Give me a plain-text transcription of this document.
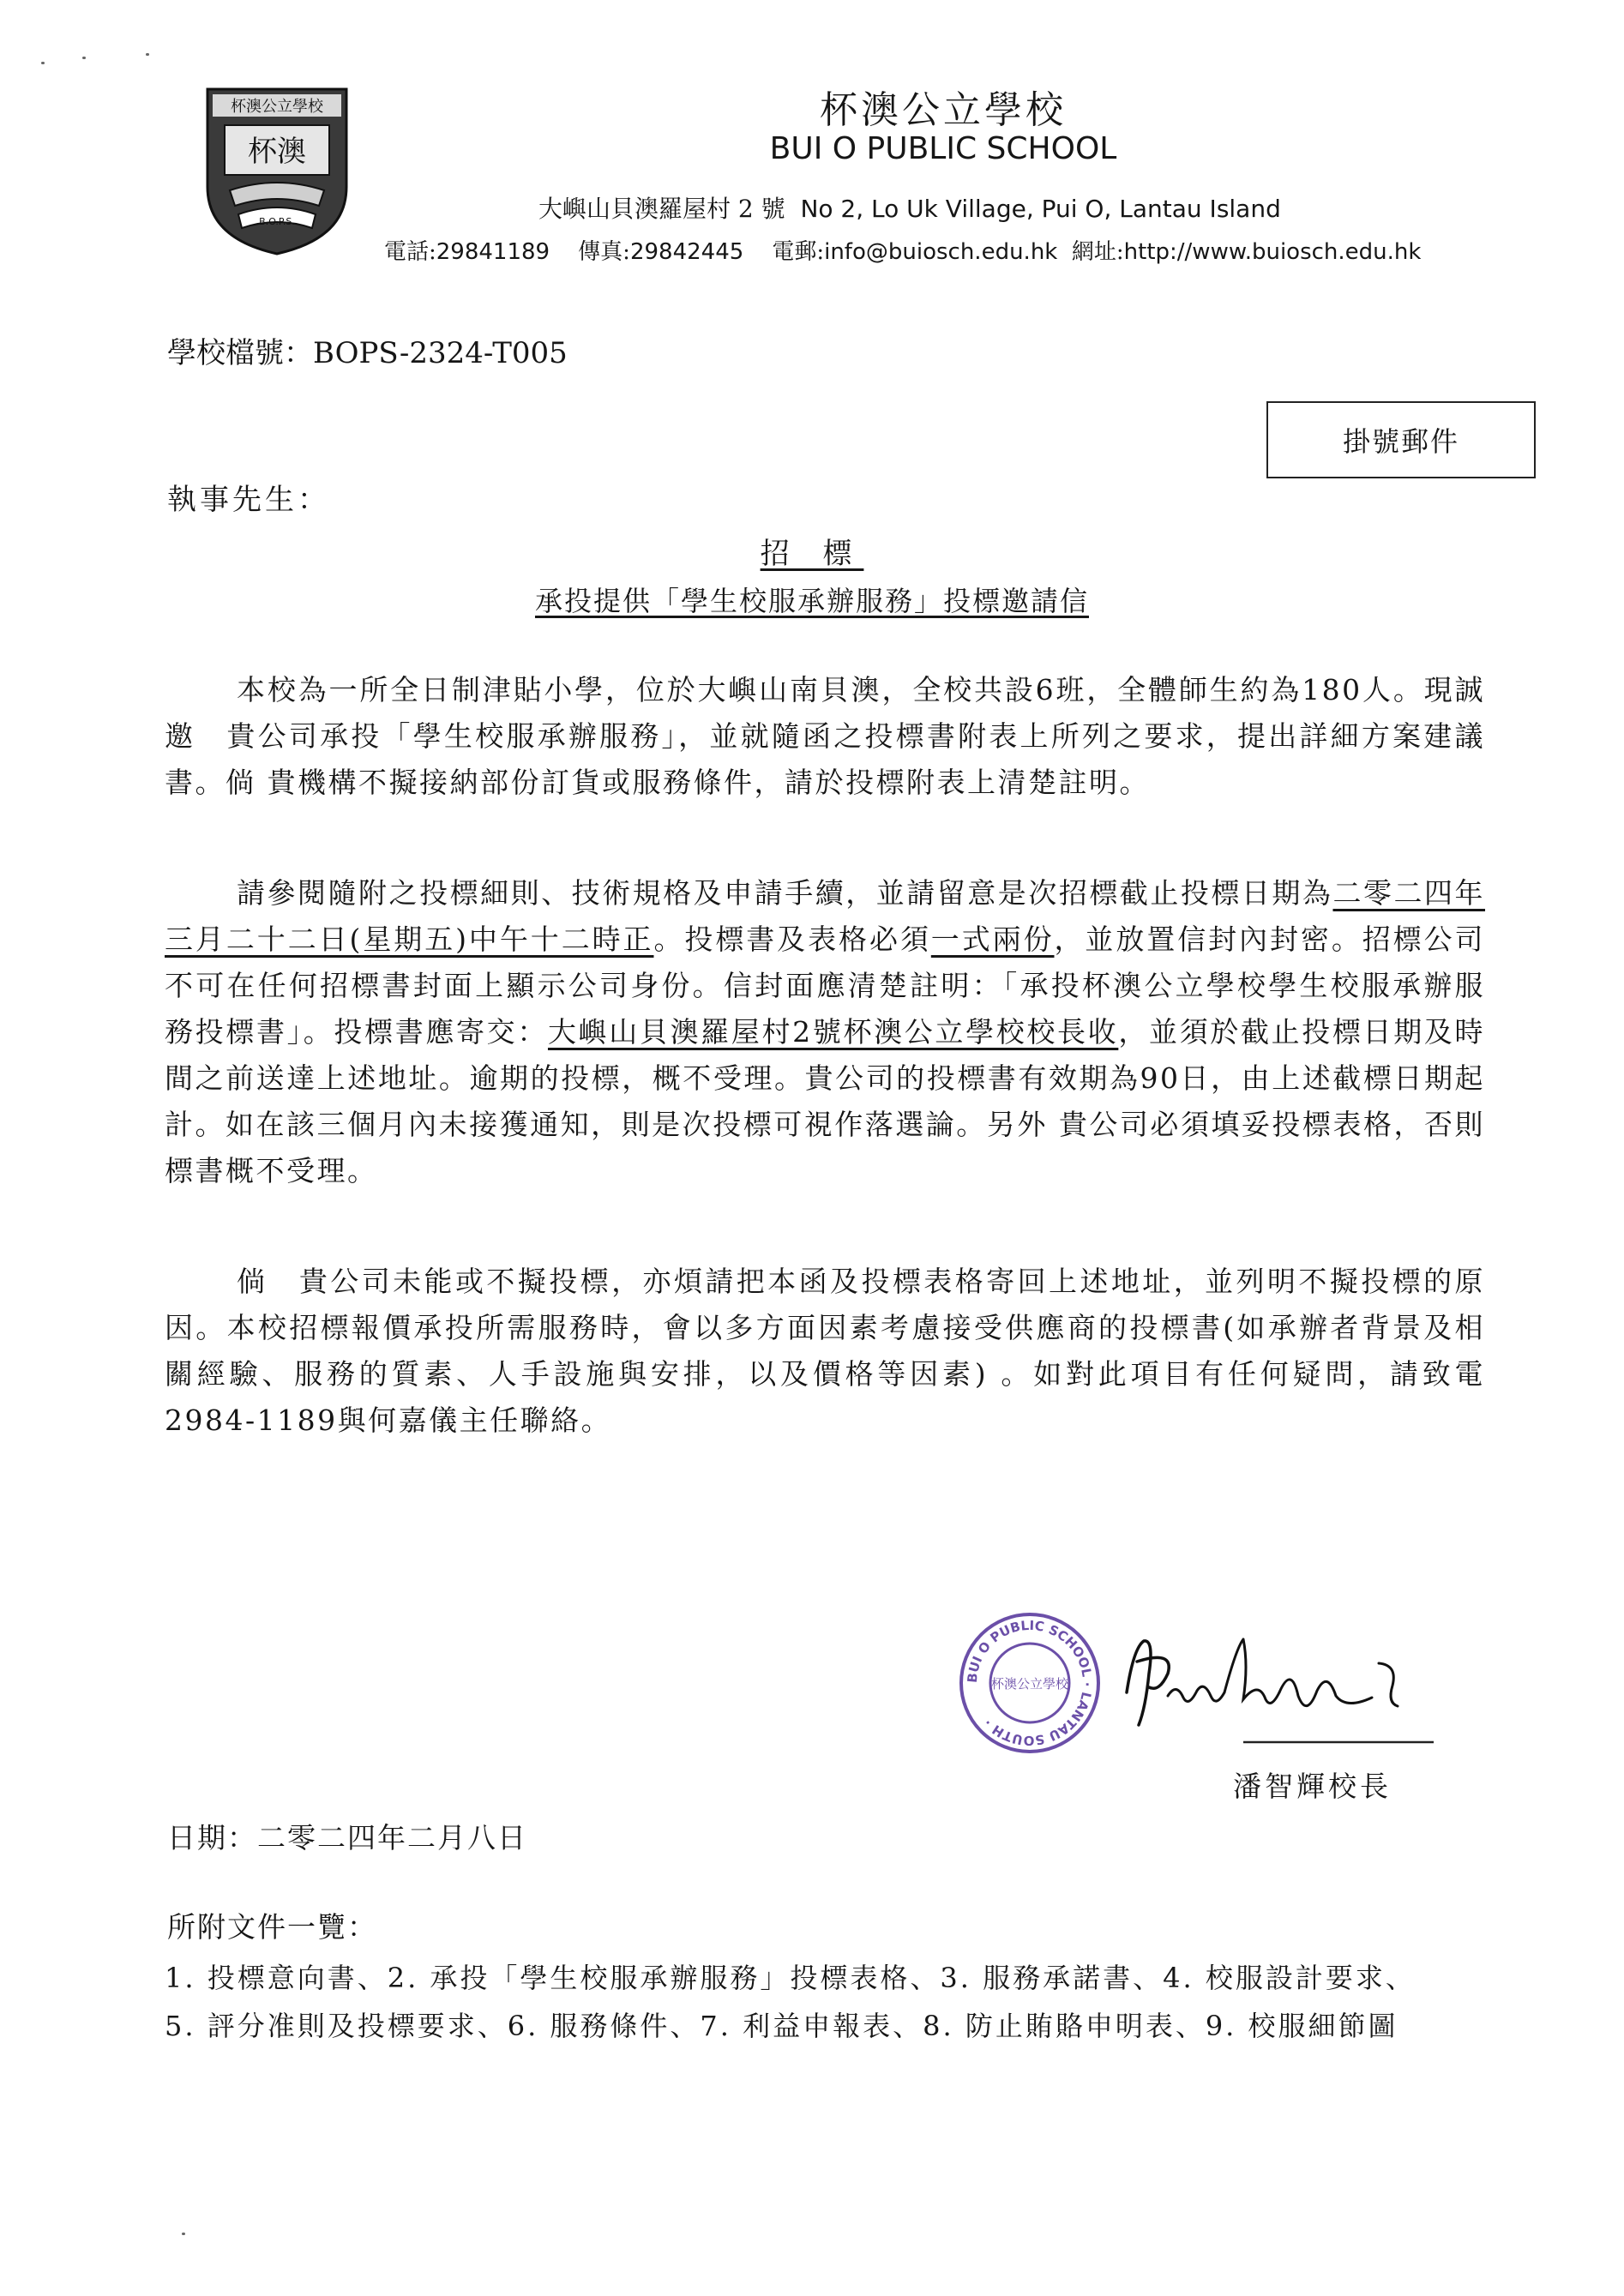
杯澳公立學校
杯澳
B.O.P.S.
杯澳公立學校
BUI O PUBLIC SCHOOL
大嶼山貝澳羅屋村 2 號 No 2, Lo Uk Village, Pui O, Lantau Island
電話:29841189 傳真:29842445 電郵:info@buiosch.edu.hk 網址:http://www.buiosch.edu.hk
學校檔號：BOPS-2324-T005
掛號郵件
執事先生：
招 標
承投提供「學生校服承辦服務」投標邀請信

本校為一所全日制津貼小學，位於大嶼山南貝澳，全校共設6班，全體師生約為180人。現誠邀　貴公司承投「學生校服承辦服務」，並就隨函之投標書附表上所列之要求，提出詳細方案建議書。倘 貴機構不擬接納部份訂貨或服務條件，請於投標附表上清楚註明。

請參閱隨附之投標細則、技術規格及申請手續，並請留意是次招標截止投標日期為二零二四年三月二十二日(星期五)中午十二時正。投標書及表格必須一式兩份，並放置信封內封密。招標公司不可在任何招標書封面上顯示公司身份。信封面應清楚註明：「承投杯澳公立學校學生校服承辦服務投標書」。投標書應寄交：大嶼山貝澳羅屋村2號杯澳公立學校校長收，並須於截止投標日期及時間之前送達上述地址。逾期的投標，概不受理。貴公司的投標書有效期為90日，由上述截標日期起計。如在該三個月內未接獲通知，則是次投標可視作落選論。另外 貴公司必須填妥投標表格，否則標書概不受理。

倘　貴公司未能或不擬投標，亦煩請把本函及投標表格寄回上述地址，並列明不擬投標的原因。本校招標報價承投所需服務時，會以多方面因素考慮接受供應商的投標書(如承辦者背景及相關經驗、服務的質素、人手設施與安排，以及價格等因素) 。如對此項目有任何疑問，請致電2984-1189與何嘉儀主任聯絡。

BUI O PUBLIC SCHOOL · LANTAU SOUTH ·
杯澳公立學校
潘智輝校長
日期：二零二四年二月八日
所附文件一覽：
1. 投標意向書、2. 承投「學生校服承辦服務」投標表格、3. 服務承諾書、4. 校服設計要求、
5. 評分准則及投標要求、6. 服務條件、7. 利益申報表、8. 防止賄賂申明表、9. 校服細節圖
